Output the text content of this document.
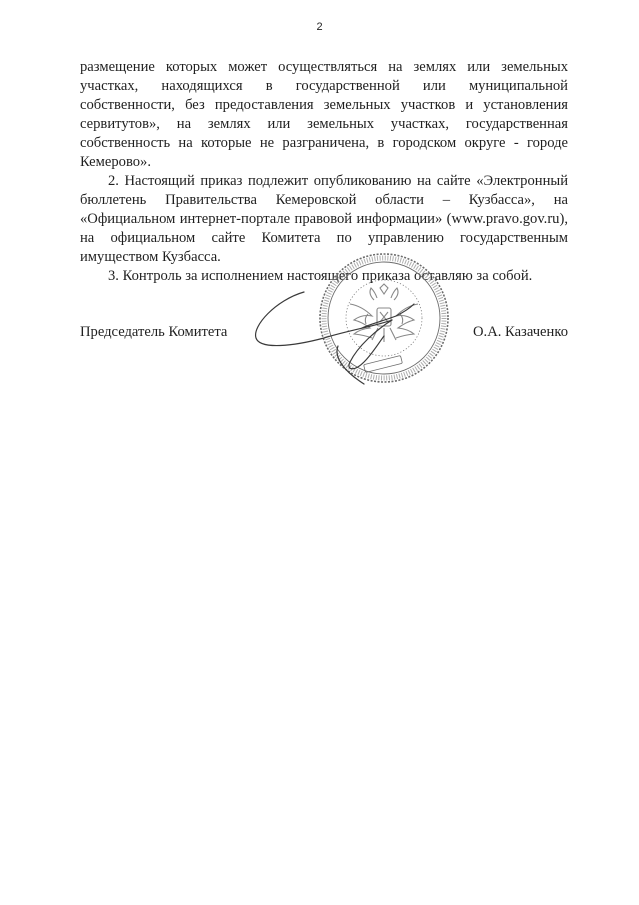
2

размещение которых может осуществляться на землях или земельных участках, находящихся в государственной или муниципальной собственности, без предоставления земельных участков и установления сервитутов», на землях или земельных участках, государственная собственность на которые не разграничена, в городском округе - городе Кемерово».

2. Настоящий приказ подлежит опубликованию на сайте «Электронный бюллетень Правительства Кемеровской области – Кузбасса», на «Официальном интернет-портале правовой информации» (www.pravo.gov.ru), на официальном сайте Комитета по управлению государственным имуществом Кузбасса.

3. Контроль за исполнением настоящего приказа оставляю за собой.

Председатель Комитета	О.А. Казаченко
